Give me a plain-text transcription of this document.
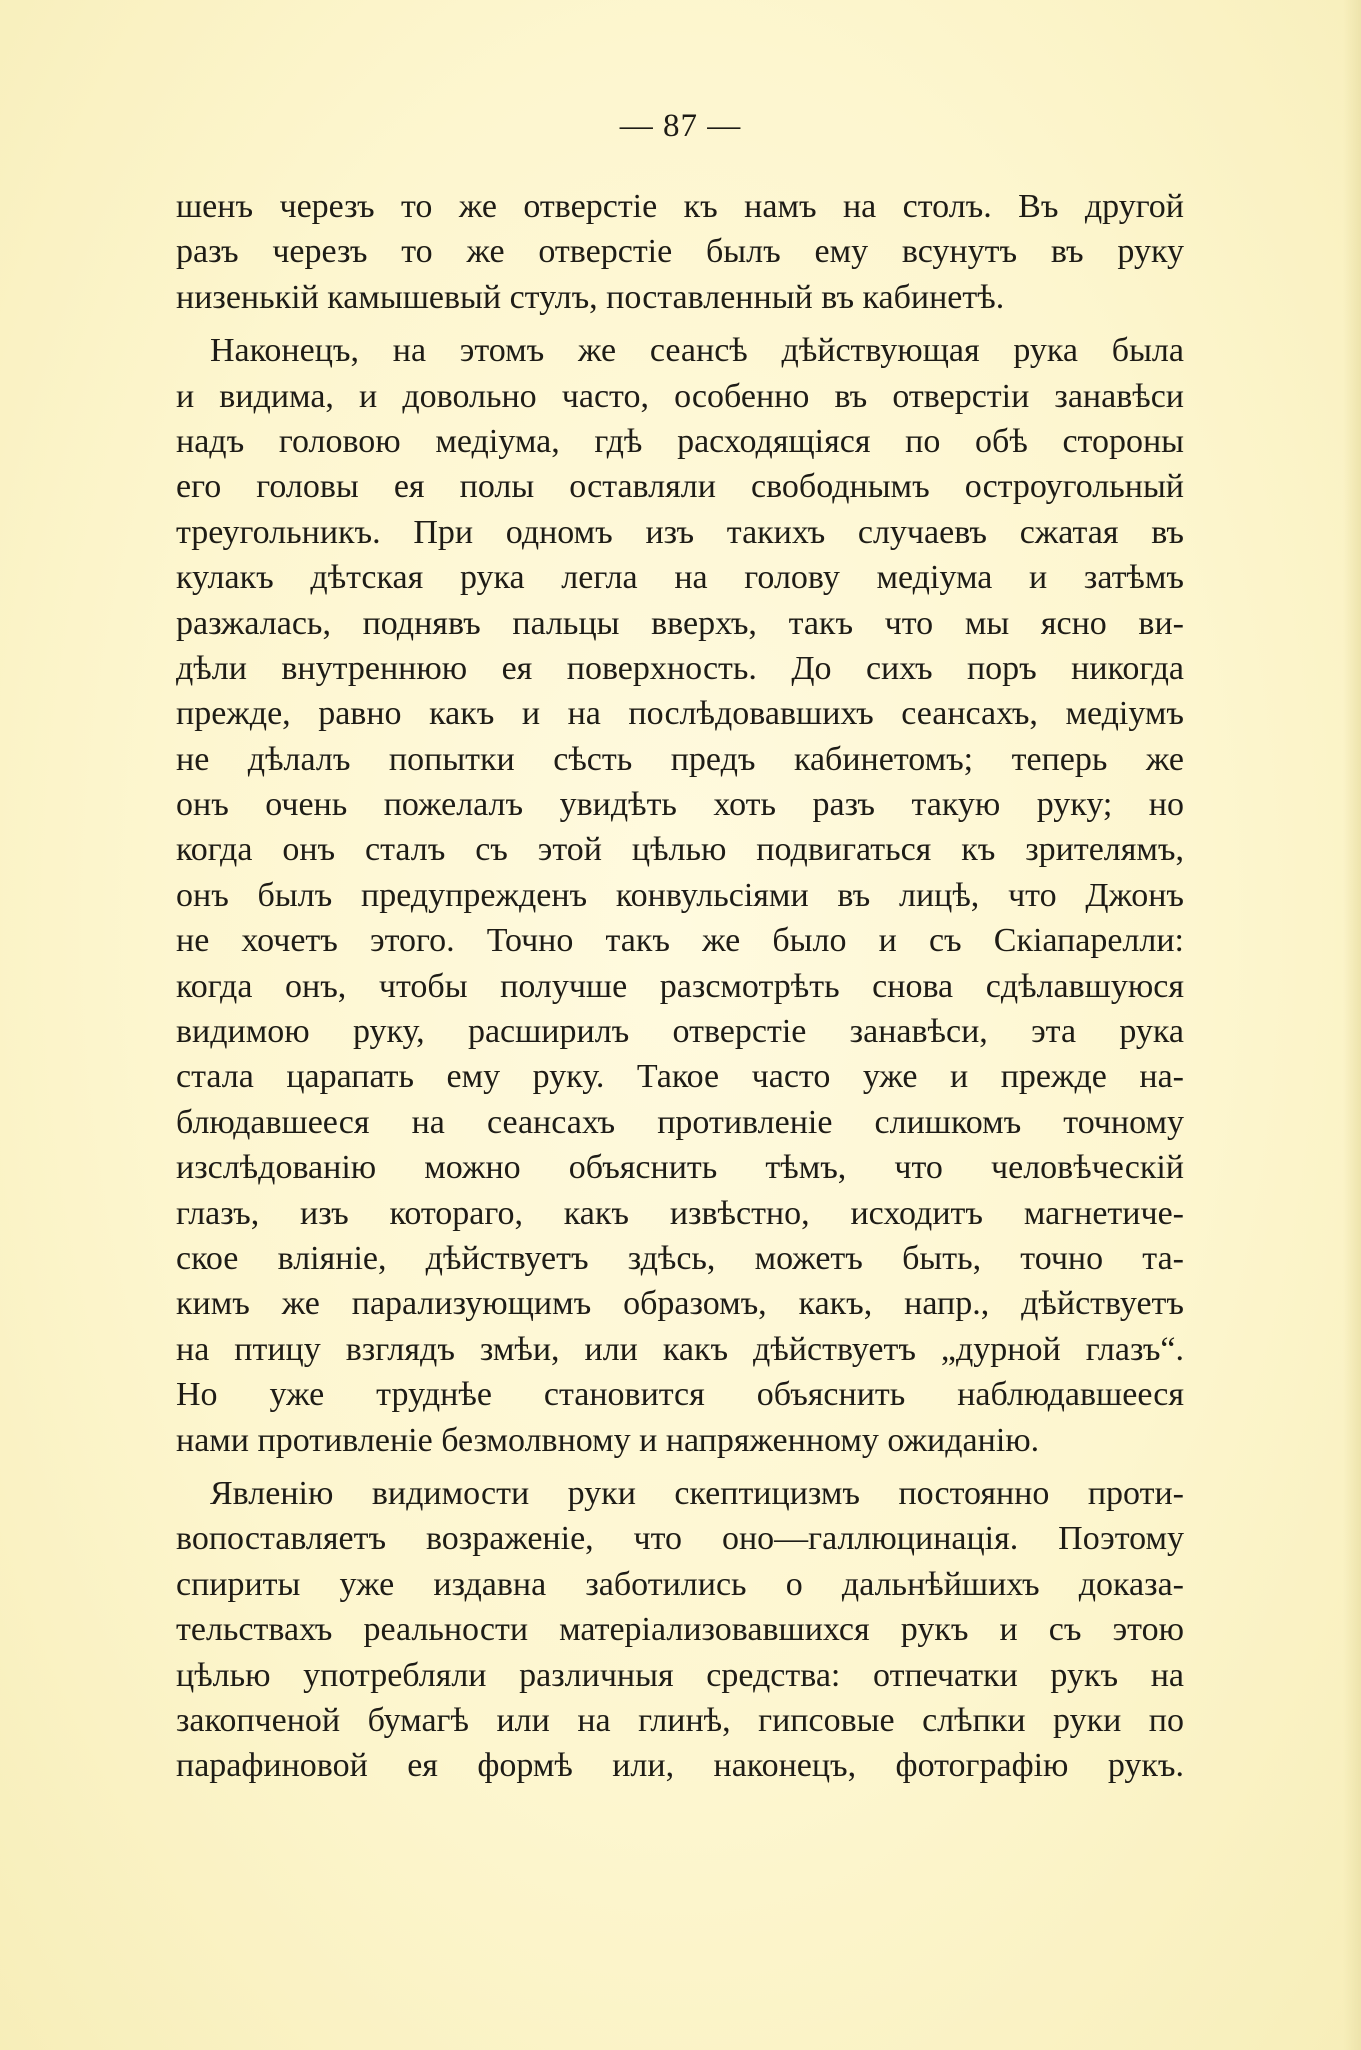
— 87 —
шенъ черезъ то же отверстіе къ намъ на столъ. Въ другой
разъ черезъ то же отверстіе былъ ему всунутъ въ руку
низенькій камышевый стулъ, поставленный въ кабинетѣ.
Наконецъ, на этомъ же сеансѣ дѣйствующая рука была
и видима, и довольно часто, особенно въ отверстіи занавѣси
надъ головою медіума, гдѣ расходящіяся по обѣ стороны
его головы ея полы оставляли свободнымъ остроугольный
треугольникъ. При одномъ изъ такихъ случаевъ сжатая въ
кулакъ дѣтская рука легла на голову медіума и затѣмъ
разжалась, поднявъ пальцы вверхъ, такъ что мы ясно ви-
дѣли внутреннюю ея поверхность. До сихъ поръ никогда
прежде, равно какъ и на послѣдовавшихъ сеансахъ, медіумъ
не дѣлалъ попытки сѣсть предъ кабинетомъ; теперь же
онъ очень пожелалъ увидѣть хоть разъ такую руку; но
когда онъ сталъ съ этой цѣлью подвигаться къ зрителямъ,
онъ былъ предупрежденъ конвульсіями въ лицѣ, что Джонъ
не хочетъ этого. Точно такъ же было и съ Скіапарелли:
когда онъ, чтобы получше разсмотрѣть снова сдѣлавшуюся
видимою руку, расширилъ отверстіе занавѣси, эта рука
стала царапать ему руку. Такое часто уже и прежде на-
блюдавшееся на сеансахъ противленіе слишкомъ точному
изслѣдованію можно объяснить тѣмъ, что человѣческій
глазъ, изъ котораго, какъ извѣстно, исходитъ магнетиче-
ское вліяніе, дѣйствуетъ здѣсь, можетъ быть, точно та-
кимъ же парализующимъ образомъ, какъ, напр., дѣйствуетъ
на птицу взглядъ змѣи, или какъ дѣйствуетъ „дурной глазъ“.
Но уже труднѣе становится объяснить наблюдавшееся
нами противленіе безмолвному и напряженному ожиданію.
Явленію видимости руки скептицизмъ постоянно проти-
вопоставляетъ возраженіе, что оно—галлюцинація. Поэтому
спириты уже издавна заботились о дальнѣйшихъ доказа-
тельствахъ реальности матеріализовавшихся рукъ и съ этою
цѣлью употребляли различныя средства: отпечатки рукъ на
закопченой бумагѣ или на глинѣ, гипсовые слѣпки руки по
парафиновой ея формѣ или, наконецъ, фотографію рукъ.
